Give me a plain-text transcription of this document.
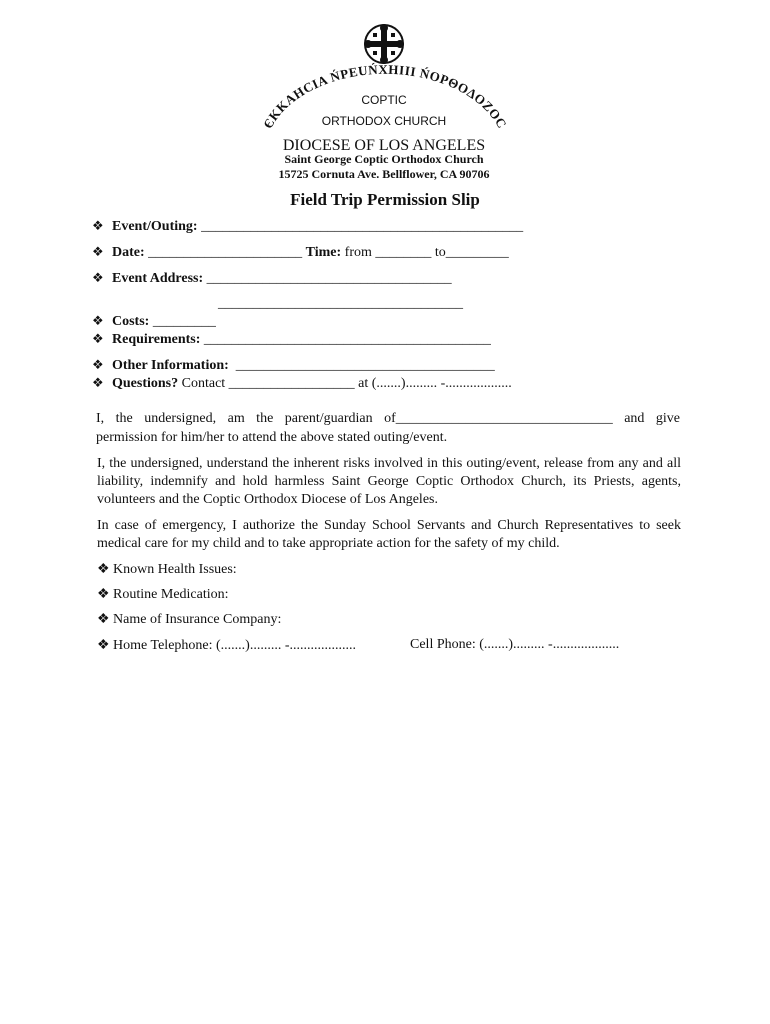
ЄKKAHCIA ŃPEUŃXHIII ŃOPΘOΔOZOC
COPTIC
ORTHODOX CHURCH
DIOCESE OF LOS ANGELES
Saint George Coptic Orthodox Church
15725 Cornuta Ave. Bellflower, CA 90706
Field Trip Permission Slip
❖ Event/Outing: ______________________________________________
❖ Date: ______________________ Time: from ________ to_________
❖ Event Address: ___________________________________
___________________________________
❖ Costs: _________
❖ Requirements: _________________________________________
❖ Other Information: _____________________________________
❖ Questions? Contact __________________ at (.......)......... -...................
I, the undersigned, am the parent/guardian of_______________________________ and give
permission for him/her to attend the above stated outing/event.
I, the undersigned, understand the inherent risks involved in this outing/event, release from any and all liability, indemnify and hold harmless Saint George Coptic Orthodox Church, its Priests, agents, volunteers and the Coptic Orthodox Diocese of Los Angeles.
In case of emergency, I authorize the Sunday School Servants and Church Representatives to seek medical care for my child and to take appropriate action for the safety of my child.
❖ Known Health Issues:
❖ Routine Medication:
❖ Name of Insurance Company:
❖ Home Telephone: (.......)......... -...................	Cell Phone: (.......)......... -...................
